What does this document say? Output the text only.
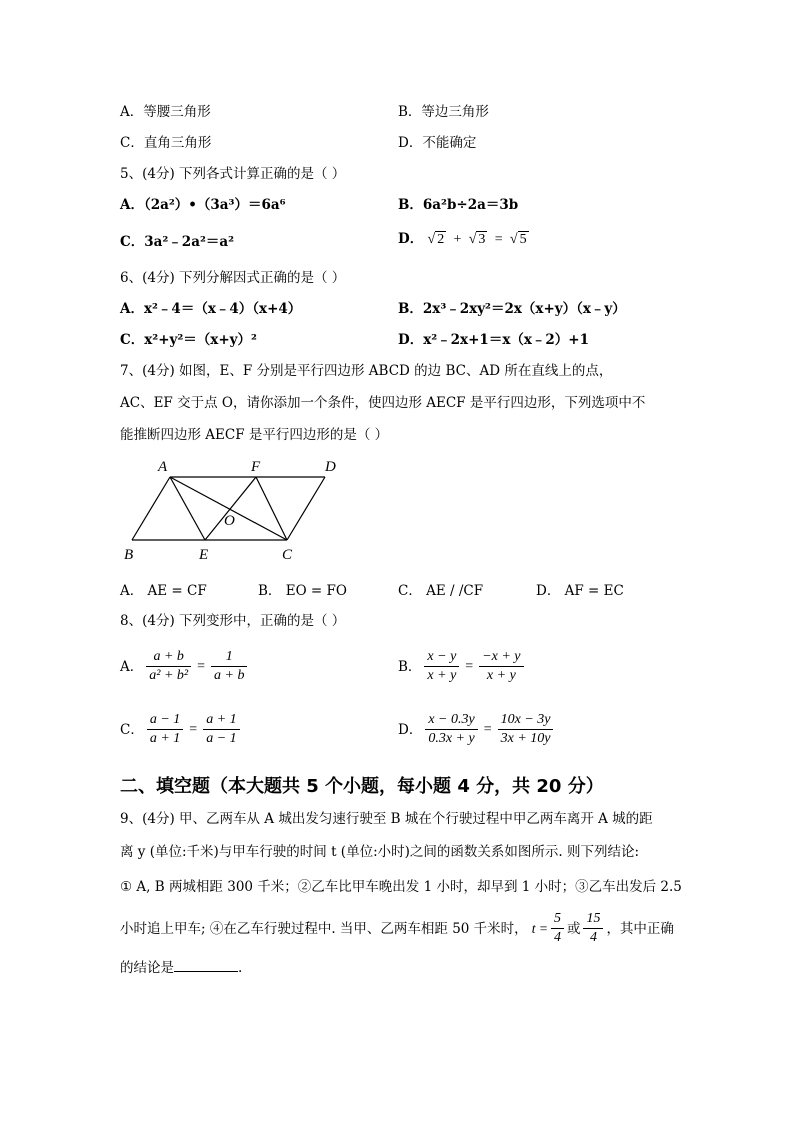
A．等腰三角形	B．等边三角形
C．直角三角形	D．不能确定
5、(4分) 下列各式计算正确的是（ ）
A．（2a²）•（3a³）＝6a⁶	B．6a²b÷2a＝3b
C．3a²﹣2a²＝a²	D． √ 2 + √ 3 = √ 5
6、(4分) 下列分解因式正确的是（ ）
A．x²﹣4＝（x﹣4）（x+4）	B．2x³﹣2xy²＝2x（x+y）（x﹣y）
C．x²+y²＝（x+y）²	D．x²﹣2x+1＝x（x﹣2）+1
7、(4分) 如图，E、F 分别是平行四边形 ABCD 的边 BC、AD 所在直线上的点，
AC、EF 交于点 O，请你添加一个条件，使四边形 AECF 是平行四边形，下列选项中不
能推断四边形 AECF 是平行四边形的是（ ）
A	F	D
O
B	E	C
A． AE = CF	B． EO = FO	C． AE / /CF	D． AF = EC
8、(4分) 下列变形中，正确的是（ ）
A． $\frac{a + b}{\text{a² + b²}} = \frac{1}{a + b}$	B． $\frac{x - y}{x + y} = \frac{-x + y}{x + y}$
C． $\frac{a - 1}{a + 1} = \frac{a + 1}{a - 1}$	D． $\frac{x - 0.3y}{0.3x + y} = \frac{10x - 3y}{3x + 10y}$
二、填空题（本大题共 5 个小题，每小题 4 分，共 20 分）
9、(4分) 甲、乙两车从 A 城出发匀速行驶至 B 城在个行驶过程中甲乙两车离开 A 城的距
离 y (单位:千米)与甲车行驶的时间 t (单位:小时)之间的函数关系如图所示. 则下列结论:
① A, B 两城相距 300 千米；②乙车比甲车晚出发 1 小时，却早到 1 小时；③乙车出发后 2.5
小时追上甲车; ④在乙车行驶过程中. 当甲、乙两车相距 50 千米时， $t = \frac{5}{4}$ 或 $\frac{15}{4}$ ，其中正确
的结论是	.
